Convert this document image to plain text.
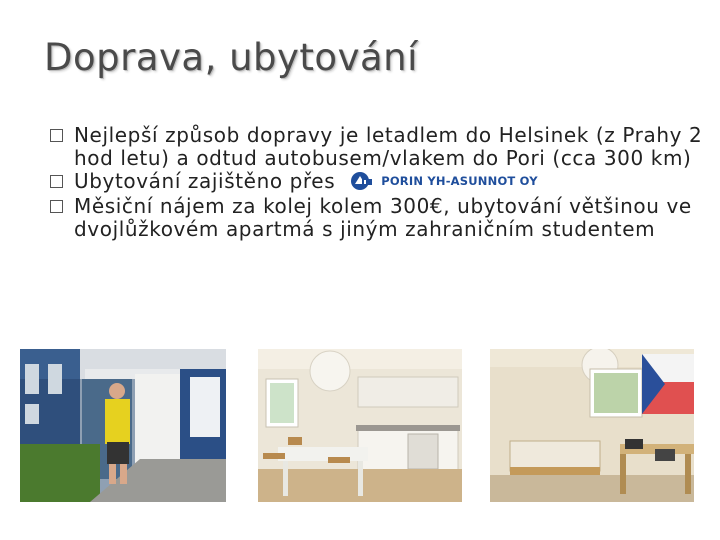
Doprava, ubytování
Nejlepší způsob dopravy je letadlem do Helsinek (z Prahy 2 hod letu) a odtud autobusem/vlakem do Pori (cca 300 km)
Ubytování zajištěno přes	PORIN YH-ASUNNOT OY
Měsiční nájem za kolej kolem 300€, ubytování většinou ve dvojlůžkovém apartmá s jiným zahraničním studentem
